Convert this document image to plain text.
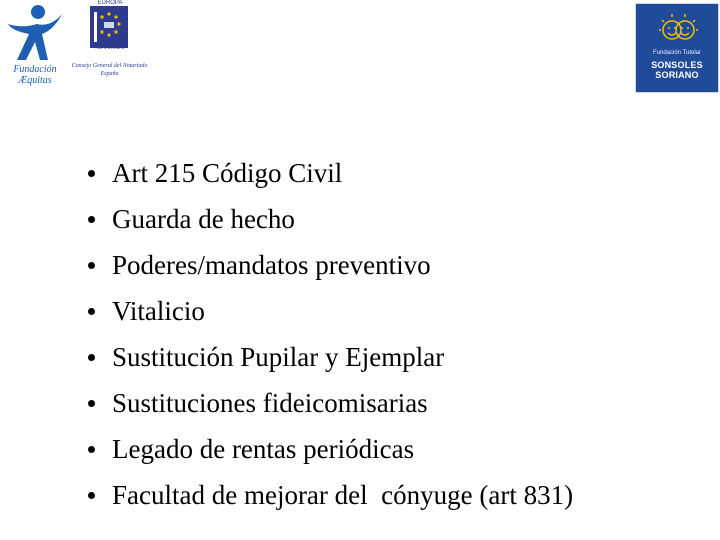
Fundación
Æquitas
EUROPA
NOTARIADO
Consejo General del Notariado
España
Fundación Tutelar
SONSOLES
SORIANO
Art 215 Código Civil
Guarda de hecho
Poderes/mandatos preventivo
Vitalicio
Sustitución Pupilar y Ejemplar
Sustituciones fideicomisarias
Legado de rentas periódicas
Facultad de mejorar del  cónyuge (art 831)
